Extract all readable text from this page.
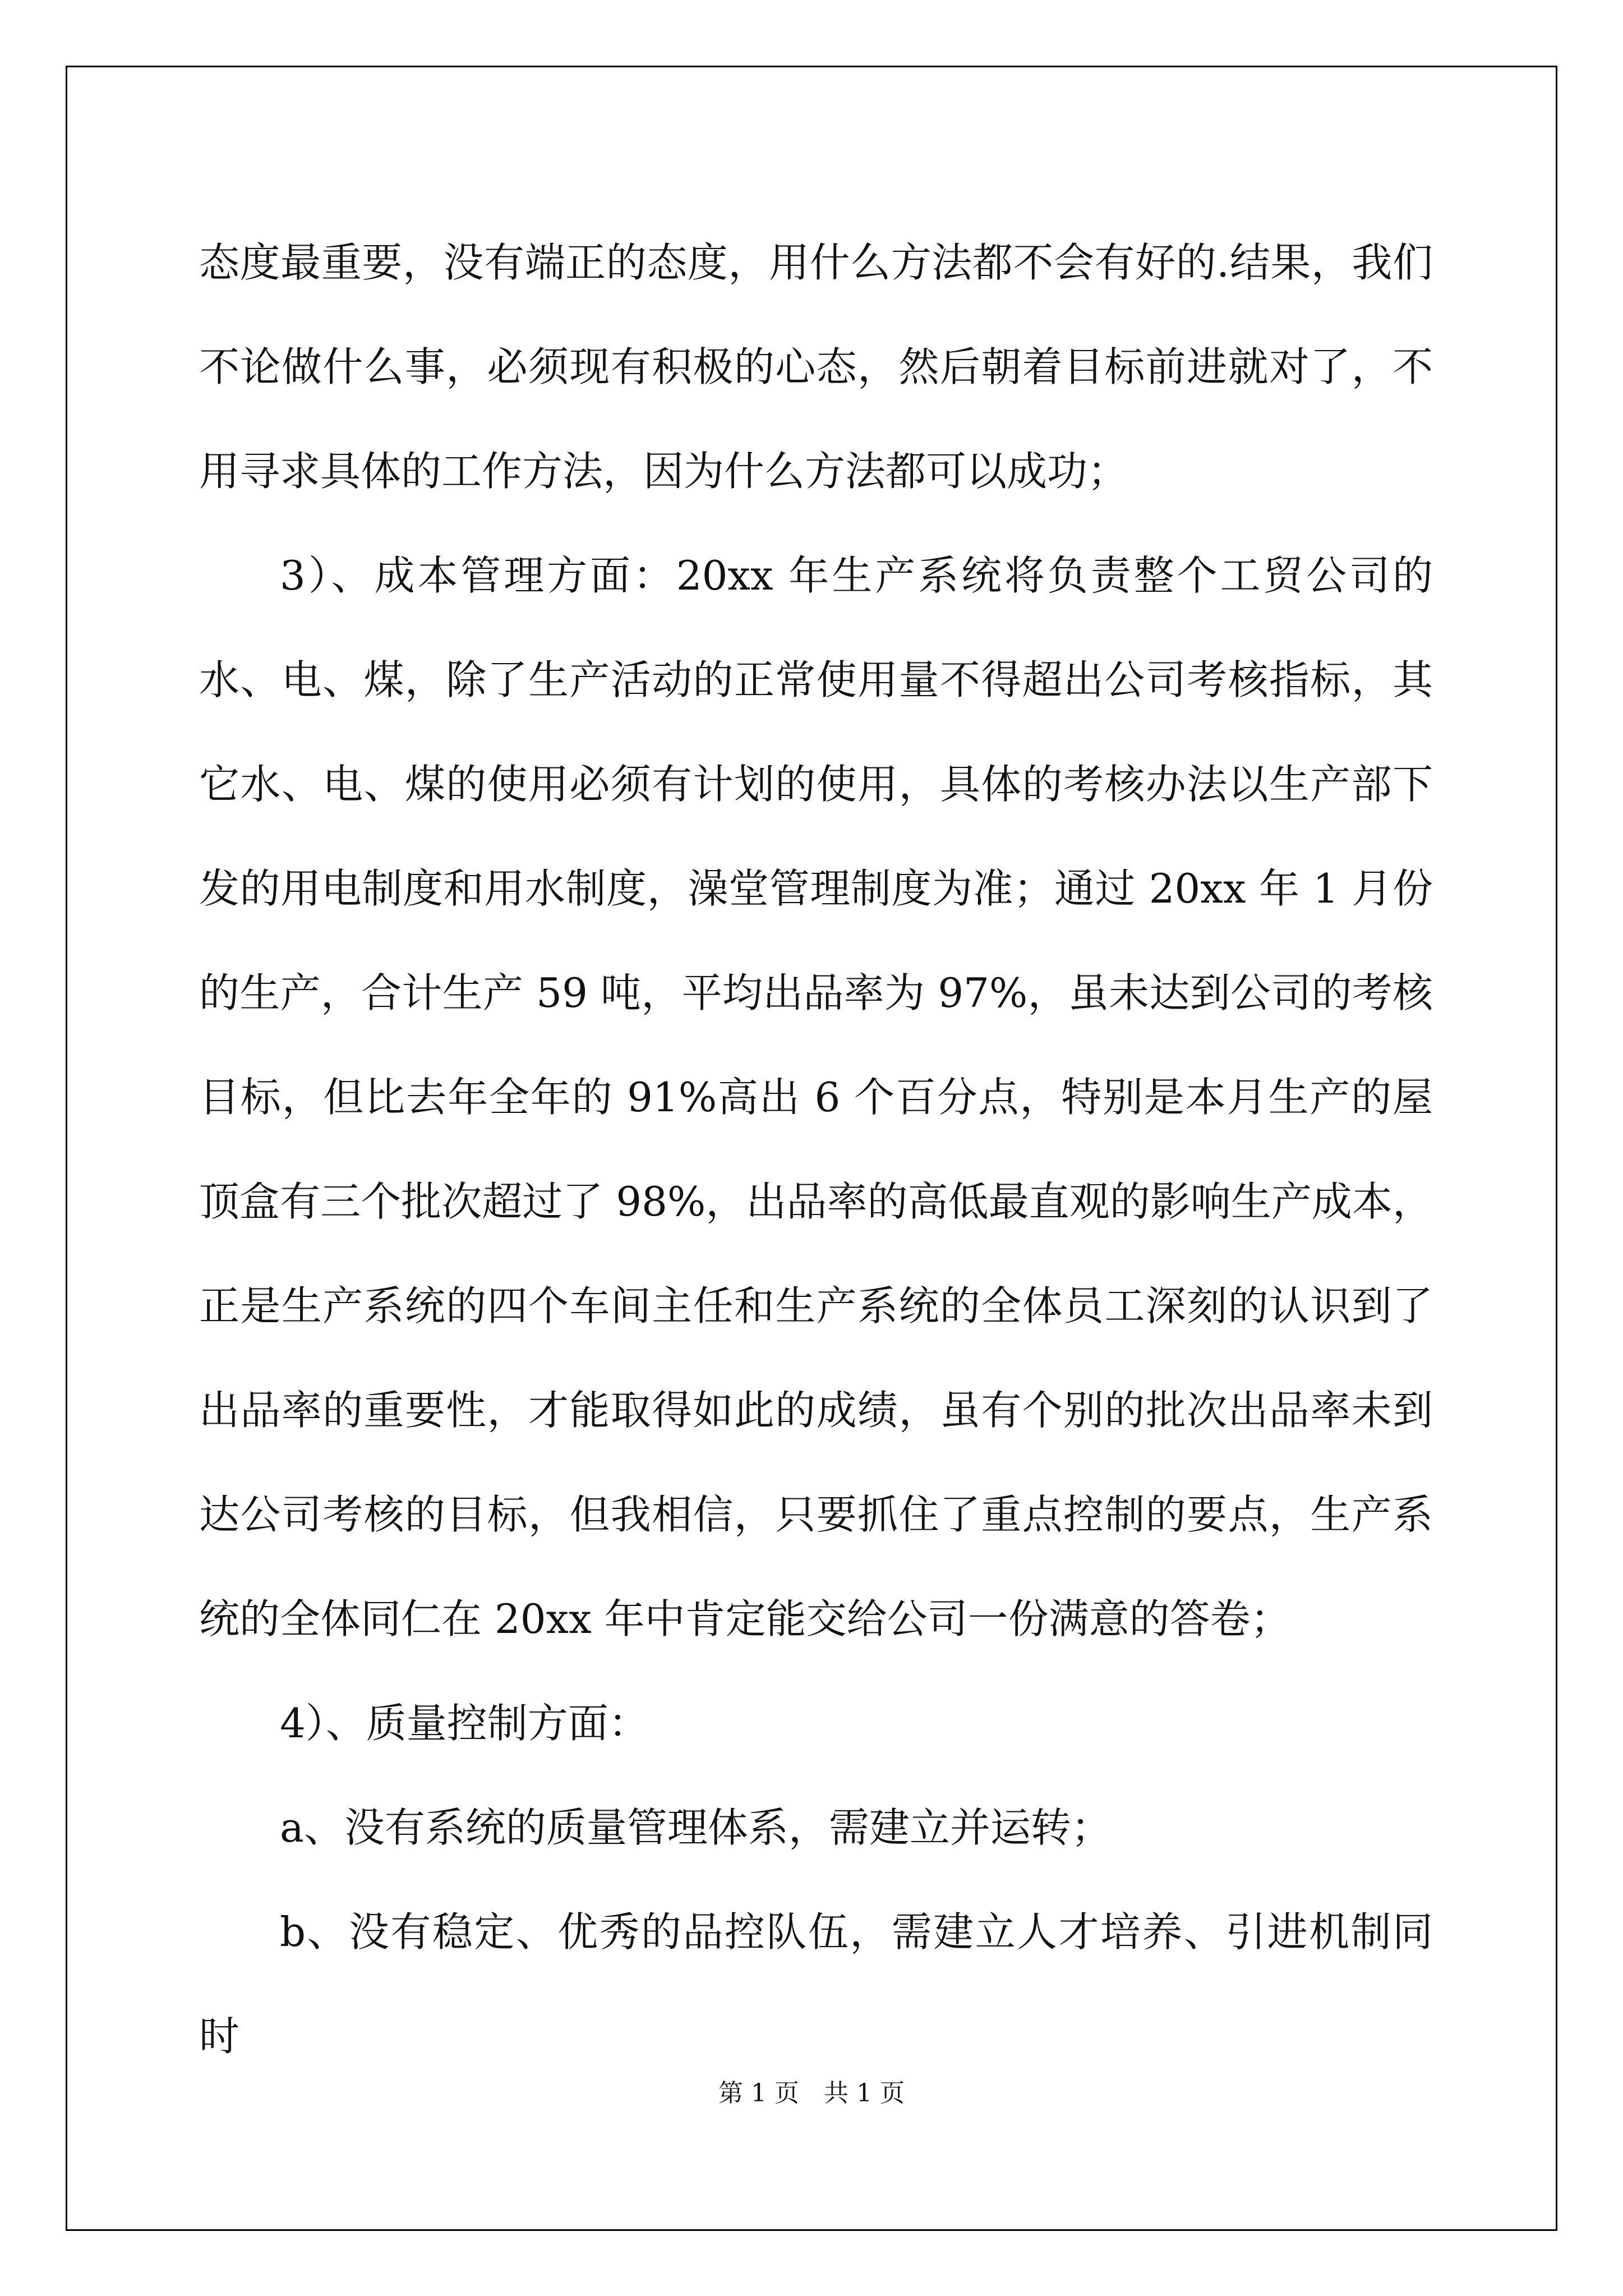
态度最重要，没有端正的态度，用什么方法都不会有好的.结果，我们不论做什么事，必须现有积极的心态，然后朝着目标前进就对了，不用寻求具体的工作方法，因为什么方法都可以成功；

3）、成本管理方面：20xx 年生产系统将负责整个工贸公司的水、电、煤，除了生产活动的正常使用量不得超出公司考核指标，其它水、电、煤的使用必须有计划的使用，具体的考核办法以生产部下发的用电制度和用水制度，澡堂管理制度为准；通过 20xx 年 1 月份的生产，合计生产 59 吨，平均出品率为 97%，虽未达到公司的考核目标，但比去年全年的 91%高出 6 个百分点，特别是本月生产的屋顶盒有三个批次超过了 98%，出品率的高低最直观的影响生产成本，正是生产系统的四个车间主任和生产系统的全体员工深刻的认识到了出品率的重要性，才能取得如此的成绩，虽有个别的批次出品率未到达公司考核的目标，但我相信，只要抓住了重点控制的要点，生产系统的全体同仁在 20xx 年中肯定能交给公司一份满意的答卷；

4）、质量控制方面：

a、没有系统的质量管理体系，需建立并运转；

b、没有稳定、优秀的品控队伍，需建立人才培养、引进机制同时

第 1 页　共 1 页
